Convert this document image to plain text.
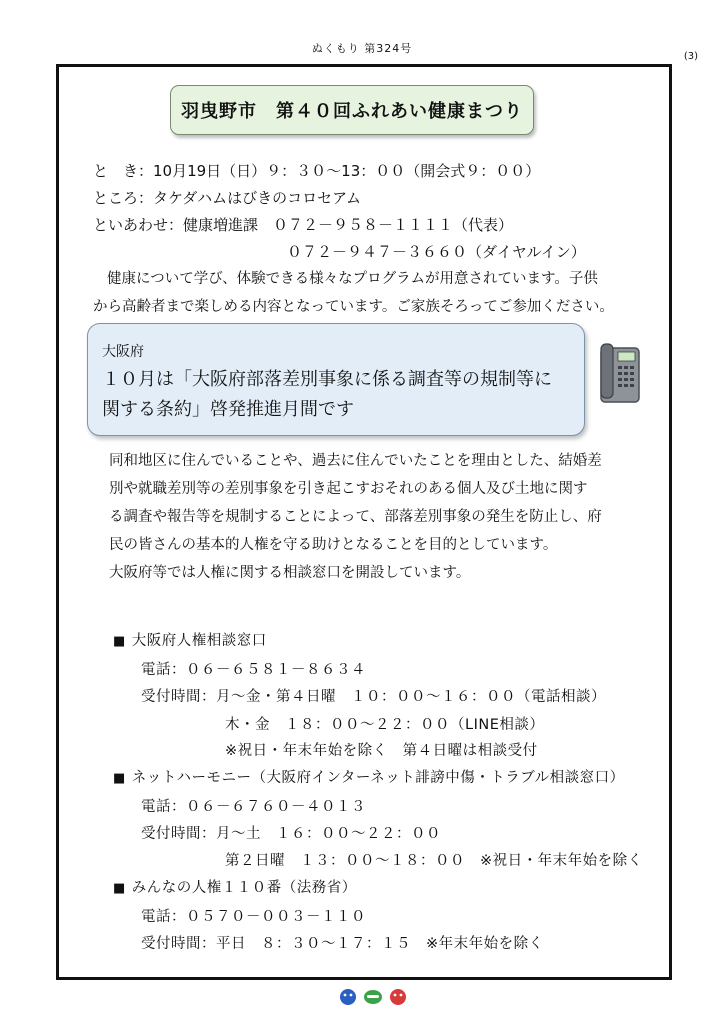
ぬくもり 第324号
(3)
羽曳野市　第４０回ふれあい健康まつり
と　き：10月19日（日）９：３０～13：００（開会式９：００）
ところ：タケダハムはびきのコロセアム
といあわせ：健康増進課　０７２－９５８－１１１１（代表）
０７２－９４７－３６６０（ダイヤルイン）
健康について学び、体験できる様々なプログラムが用意されています。子供
から高齢者まで楽しめる内容となっています。ご家族そろってご参加ください。
大阪府
１０月は「大阪府部落差別事象に係る調査等の規制等に
関する条約」啓発推進月間です
同和地区に住んでいることや、過去に住んでいたことを理由とした、結婚差
別や就職差別等の差別事象を引き起こすおそれのある個人及び土地に関す
る調査や報告等を規制することによって、部落差別事象の発生を防止し、府
民の皆さんの基本的人権を守る助けとなることを目的としています。
大阪府等では人権に関する相談窓口を開設しています。
■ 大阪府人権相談窓口
電話：０６－６５８１－８６３４
受付時間：月～金・第４日曜　１０：００～１６：００（電話相談）
木・金　１８：００～２２：００（LINE相談）
※祝日・年末年始を除く　第４日曜は相談受付
■ ネットハーモニー（大阪府インターネット誹謗中傷・トラブル相談窓口）
電話：０６－６７６０－４０１３
受付時間：月～土　１６：００～２２：００
第２日曜　１３：００～１８：００　※祝日・年末年始を除く
■ みんなの人権１１０番（法務省）
電話：０５７０－００３－１１０
受付時間：平日　８：３０～１７：１５　※年末年始を除く
